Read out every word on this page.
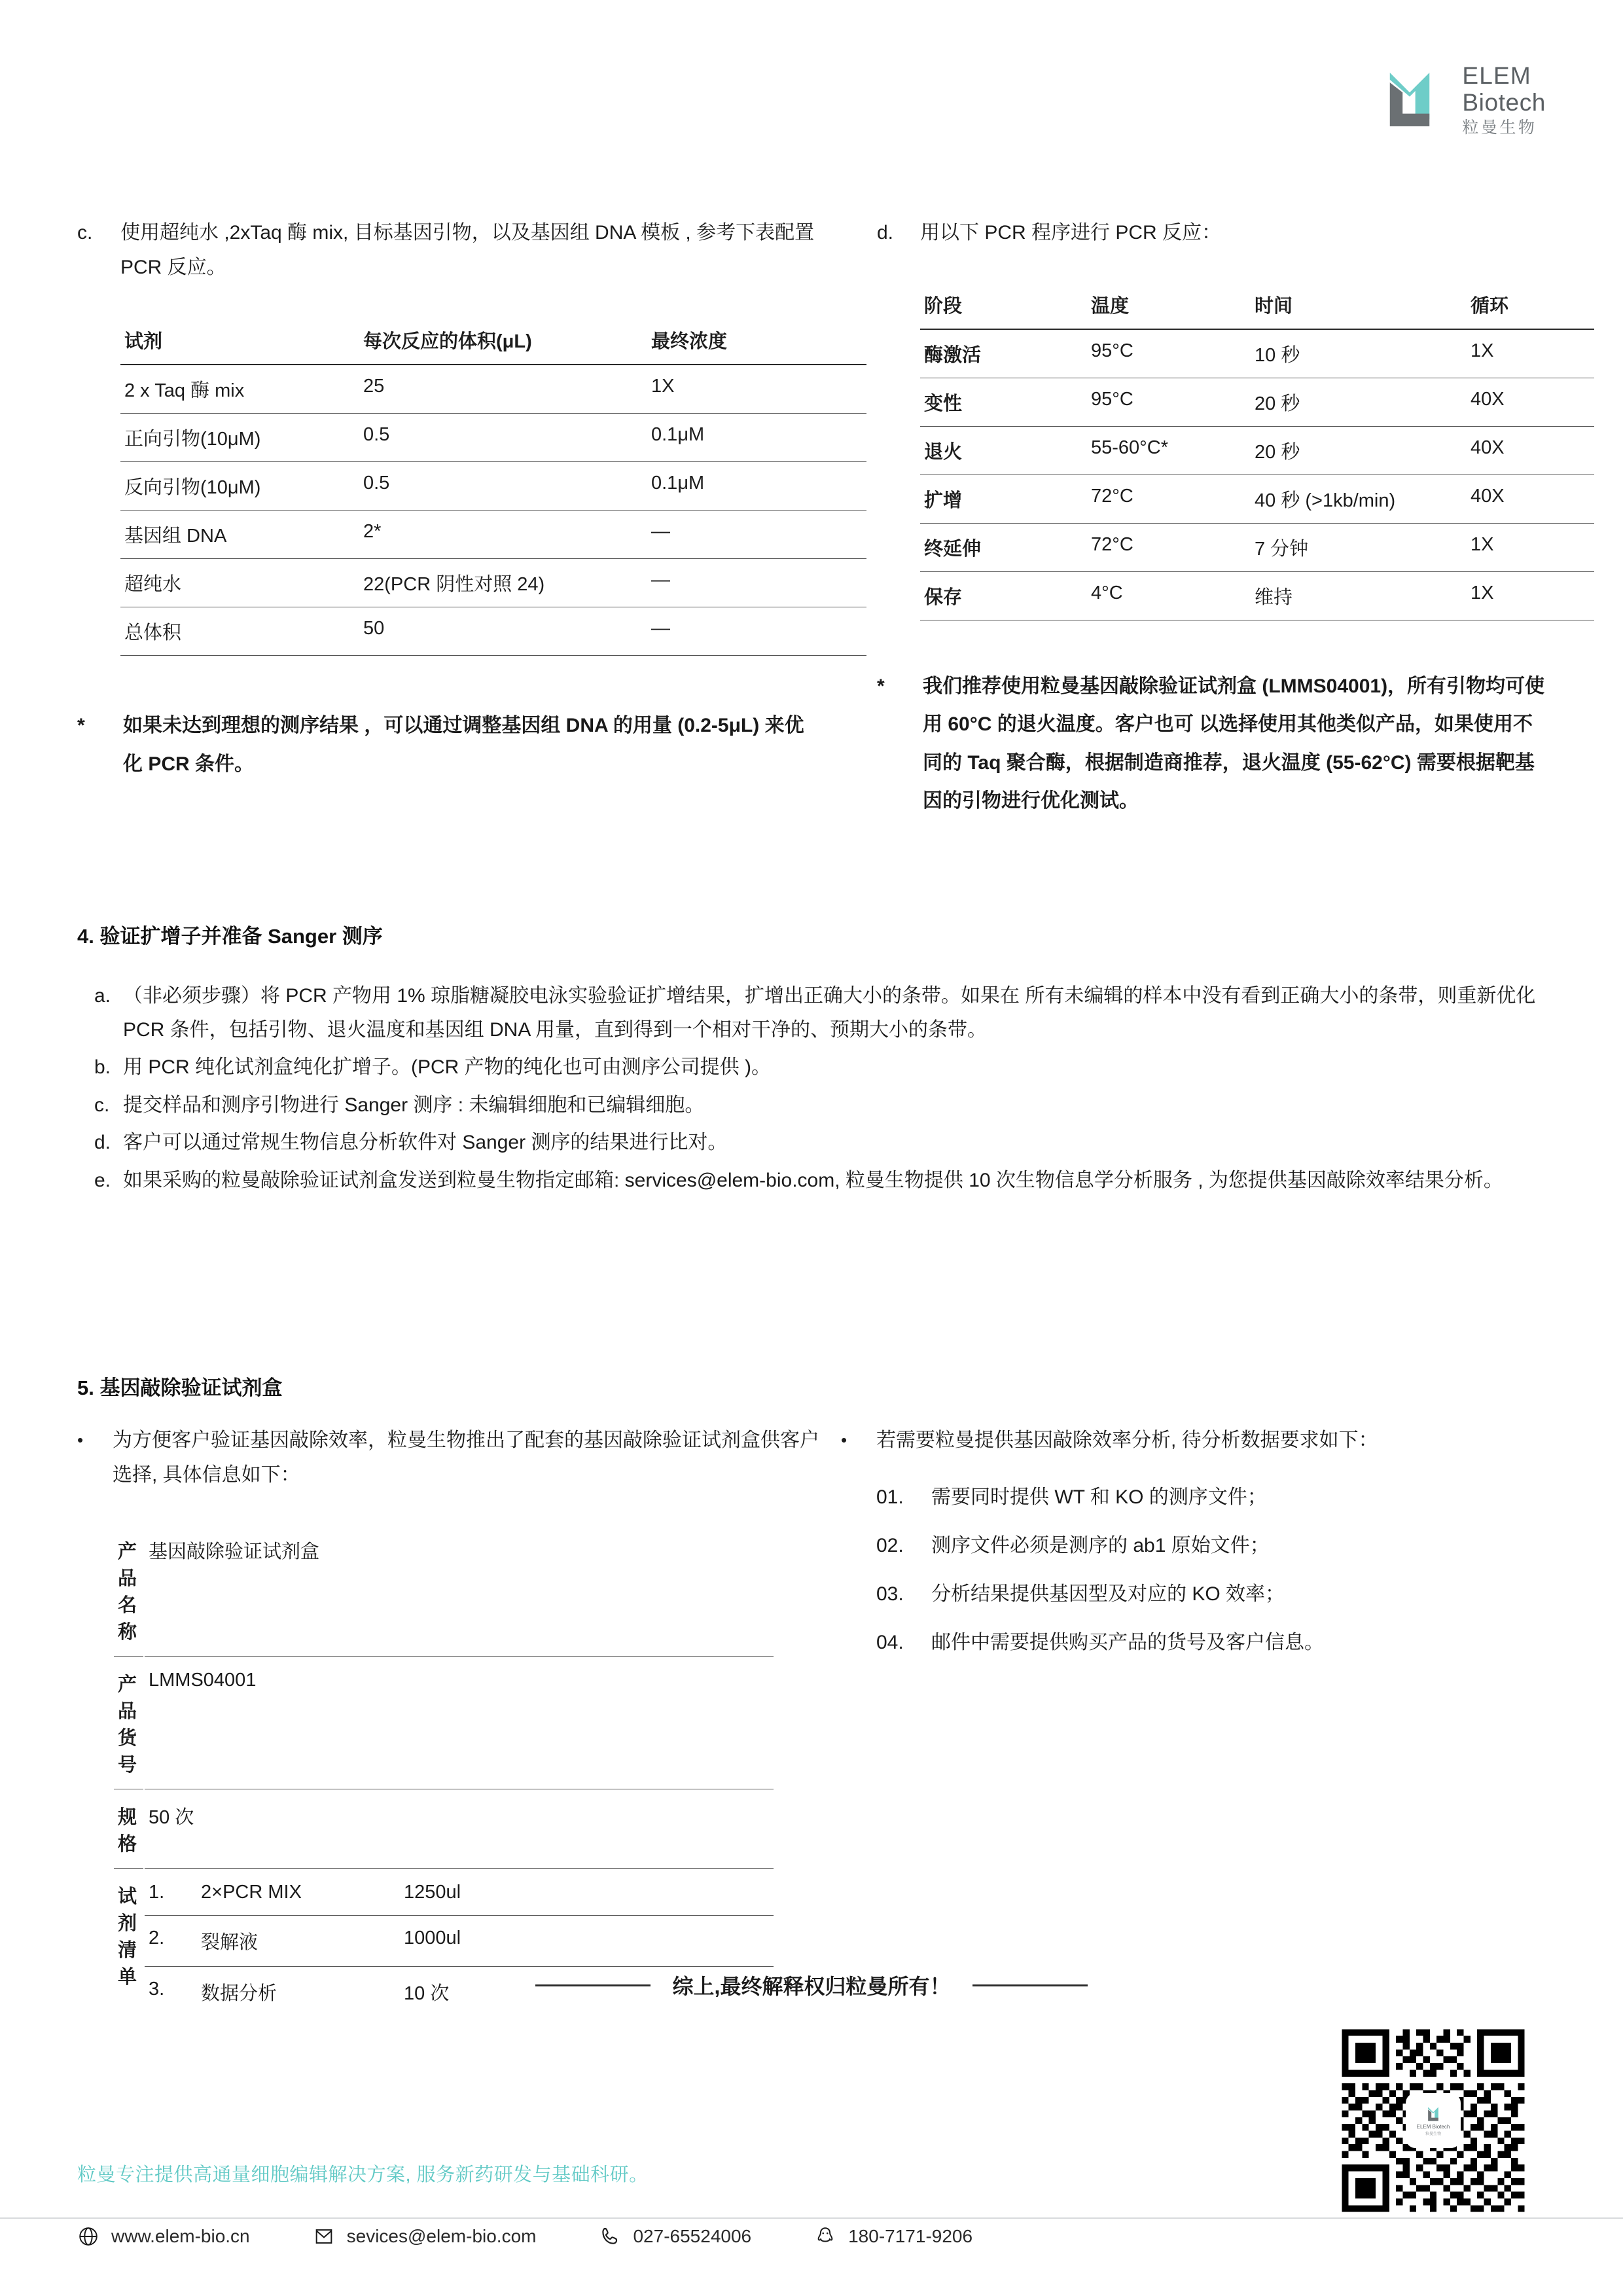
ELEM
Biotech
粒曼生物
c.	使用超纯水 ,2xTaq 酶 mix, 目标基因引物，以及基因组 DNA 模板 , 参考下表配置 PCR 反应。
试剂	每次反应的体积(μL)	最终浓度
2 x Taq 酶 mix	25	1X
正向引物(10μM)	0.5	0.1μM
反向引物(10μM)	0.5	0.1μM
基因组 DNA	2*	—
超纯水	22(PCR 阴性对照 24)	—
总体积	50	—
*	如果未达到理想的测序结果 ，可以通过调整基因组 DNA 的用量 (0.2-5μL) 来优化 PCR 条件。
d.	用以下 PCR 程序进行 PCR 反应：
阶段	温度	时间	循环
酶激活	95°C	10 秒	1X
变性	95°C	20 秒	40X
退火	55-60°C*	20 秒	40X
扩增	72°C	40 秒 (>1kb/min)	40X
终延伸	72°C	7 分钟	1X
保存	4°C	维持	1X
*	我们推荐使用粒曼基因敲除验证试剂盒 (LMMS04001)，所有引物均可使用 60°C 的退火温度。客户也可 以选择使用其他类似产品，如果使用不同的 Taq 聚合酶，根据制造商推荐，退火温度 (55-62°C) 需要根据靶基因的引物进行优化测试。
4. 验证扩增子并准备 Sanger 测序
a. （非必须步骤）将 PCR 产物用 1% 琼脂糖凝胶电泳实验验证扩增结果，扩增出正确大小的条带。如果在 所有未编辑的样本中没有看到正确大小的条带，则重新优化 PCR 条件，包括引物、退火温度和基因组 DNA 用量，直到得到一个相对干净的、预期大小的条带。
b. 用 PCR 纯化试剂盒纯化扩增子。(PCR 产物的纯化也可由测序公司提供 )。
c. 提交样品和测序引物进行 Sanger 测序 : 未编辑细胞和已编辑细胞。
d. 客户可以通过常规生物信息分析软件对 Sanger 测序的结果进行比对。
e. 如果采购的粒曼敲除验证试剂盒发送到粒曼生物指定邮箱: services@elem-bio.com, 粒曼生物提供 10 次生物信息学分析服务 , 为您提供基因敲除效率结果分析。
5. 基因敲除验证试剂盒
•	为方便客户验证基因敲除效率，粒曼生物推出了配套的基因敲除验证试剂盒供客户选择, 具体信息如下：
产品名称	基因敲除验证试剂盒
产品货号	LMMS04001
规格	50 次
试剂清单	
1.	2×PCR MIX	1250ul
2.	裂解液	1000ul
3.	数据分析	10 次
•	若需要粒曼提供基因敲除效率分析, 待分析数据要求如下：
01.	需要同时提供 WT 和 KO 的测序文件；
02.	测序文件必须是测序的 ab1 原始文件；
03.	分析结果提供基因型及对应的 KO 效率；
04.	邮件中需要提供购买产品的货号及客户信息。
综上,最终解释权归粒曼所有！
ELEM Biotech
粒曼生物
粒曼专注提供高通量细胞编辑解决方案, 服务新药研发与基础科研。
www.elem-bio.cn	sevices@elem-bio.com	027-65524006	180-7171-9206
